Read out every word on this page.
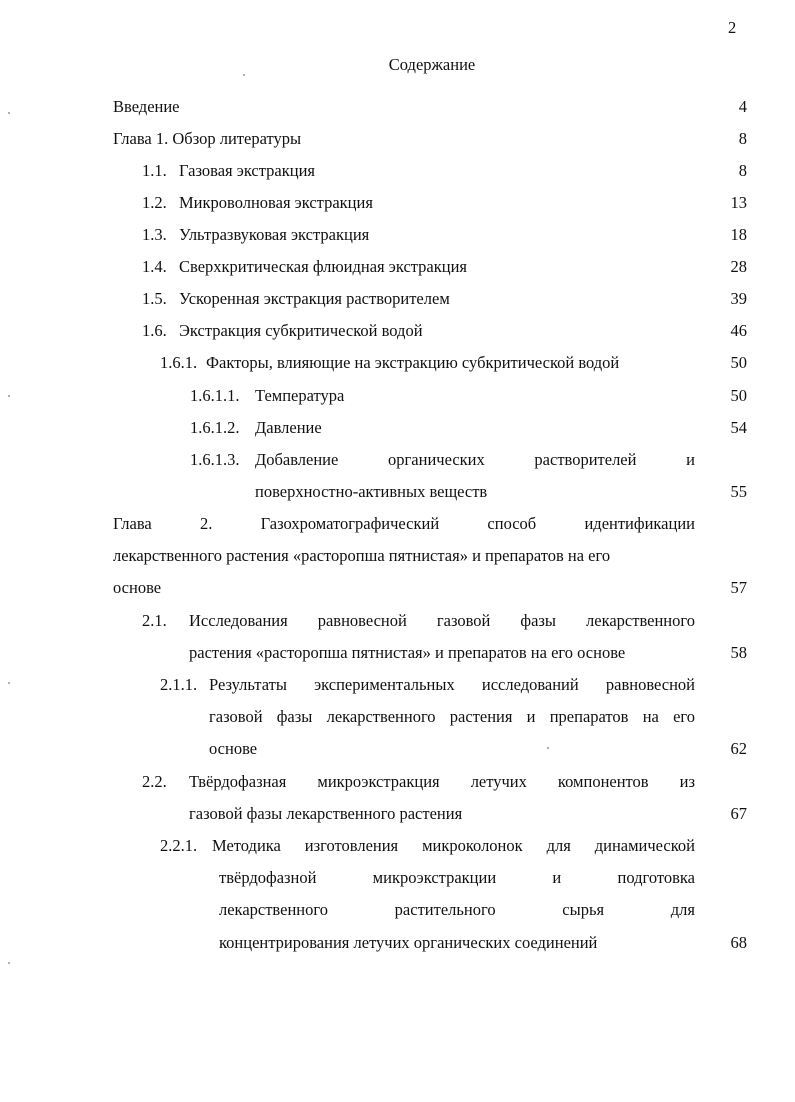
2
Содержание
Введение	4
Глава 1. Обзор литературы	8
1.1. Газовая экстракция	8
1.2. Микроволновая экстракция	13
1.3. Ультразвуковая экстракция	18
1.4. Сверхкритическая флюидная экстракция	28
1.5. Ускоренная экстракция растворителем	39
1.6. Экстракция субкритической водой	46
1.6.1. Факторы, влияющие на экстракцию субкритической водой	50
1.6.1.1. Температура	50
1.6.1.2. Давление	54
1.6.1.3. Добавление органических растворителей и
поверхностно-активных веществ	55
Глава 2. Газохроматографический способ идентификации
лекарственного растения «расторопша пятнистая» и препаратов на его
основе	57
2.1. Исследования равновесной газовой фазы лекарственного
растения «расторопша пятнистая» и препаратов на его основе	58
2.1.1. Результаты экспериментальных исследований равновесной
газовой фазы лекарственного растения и препаратов на его
основе	62
2.2. Твёрдофазная микроэкстракция летучих компонентов из
газовой фазы лекарственного растения	67
2.2.1. Методика изготовления микроколонок для динамической
твёрдофазной микроэкстракции и подготовка
лекарственного растительного сырья для
концентрирования летучих органических соединений	68
